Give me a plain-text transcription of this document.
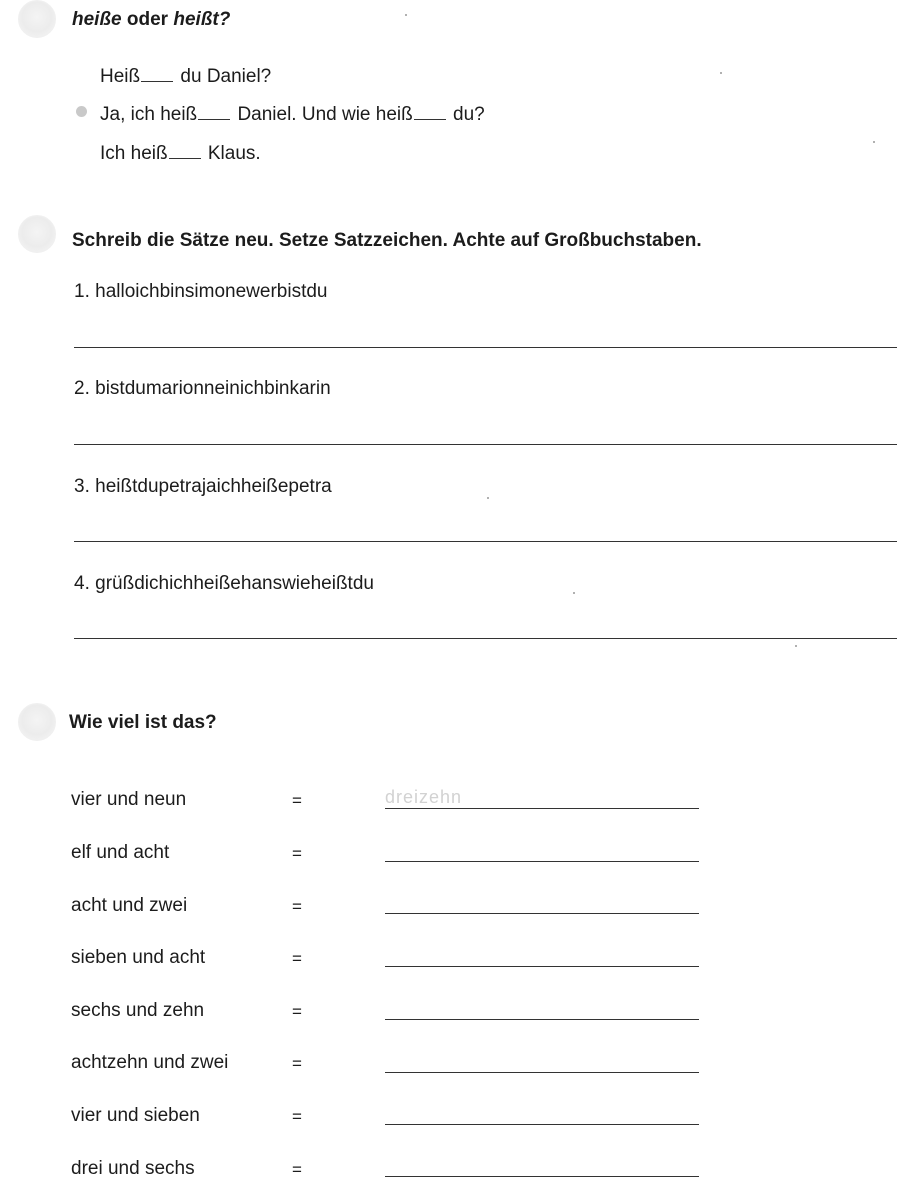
heiße oder heißt?
Heiß du Daniel?
Ja, ich heiß Daniel. Und wie heiß du?
Ich heiß Klaus.
Schreib die Sätze neu. Setze Satzzeichen. Achte auf Großbuchstaben.
1. halloichbinsimonewerbistdu
2. bistdumarionneinichbinkarin
3. heißtdupetrajaichheißepetra
4. grüßdichichheißehanswieheißtdu
Wie viel ist das?
vier und neun	=	dreizehn
elf und acht	=
acht und zwei	=
sieben und acht	=
sechs und zehn	=
achtzehn und zwei	=
vier und sieben	=
drei und sechs	=
